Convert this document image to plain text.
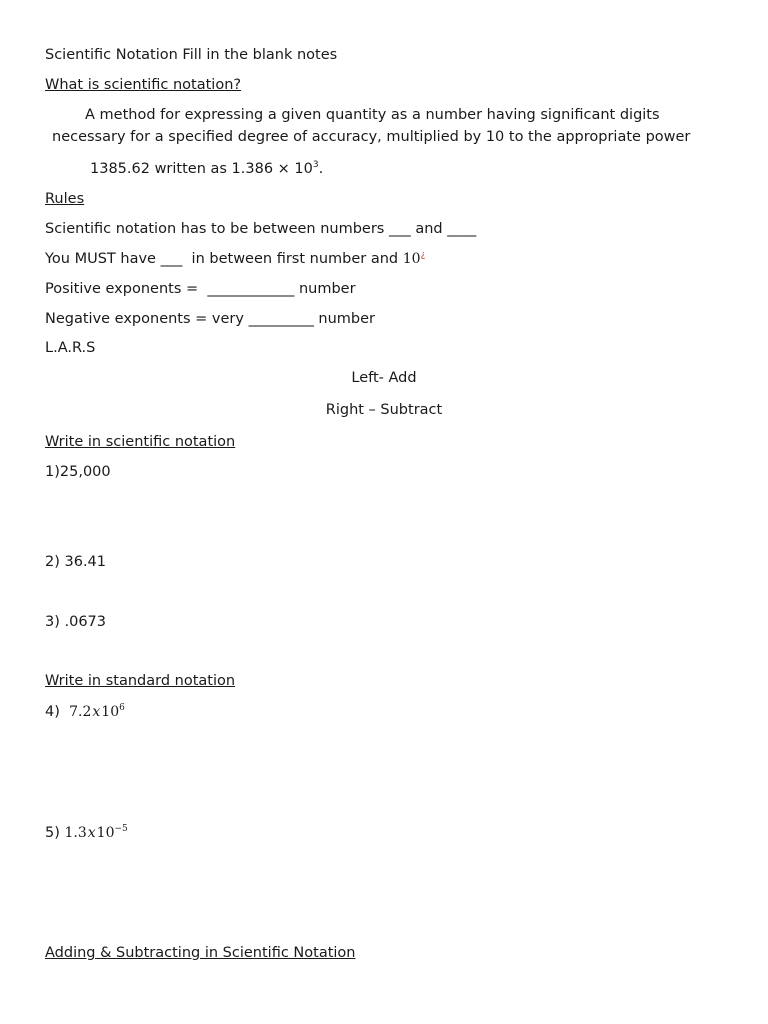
Scientific Notation Fill in the blank notes
What is scientific notation?
A method for expressing a given quantity as a number having significant digits
necessary for a specified degree of accuracy, multiplied by 10 to the appropriate power
1385.62 written as $1.386 \times 10^3$.
Rules
Scientific notation has to be between numbers ___ and ____
You MUST have ___  in between first number and 10¿
Positive exponents =  ____________ number
Negative exponents = very _________ number
L.A.R.S
Left- Add
Right – Subtract
Write in scientific notation
1)25,000
2) 36.41
3) .0673
Write in standard notation
4) $7.2x10^6$
5) $1.3x10^{-5}$
Adding & Subtracting in Scientific Notation
